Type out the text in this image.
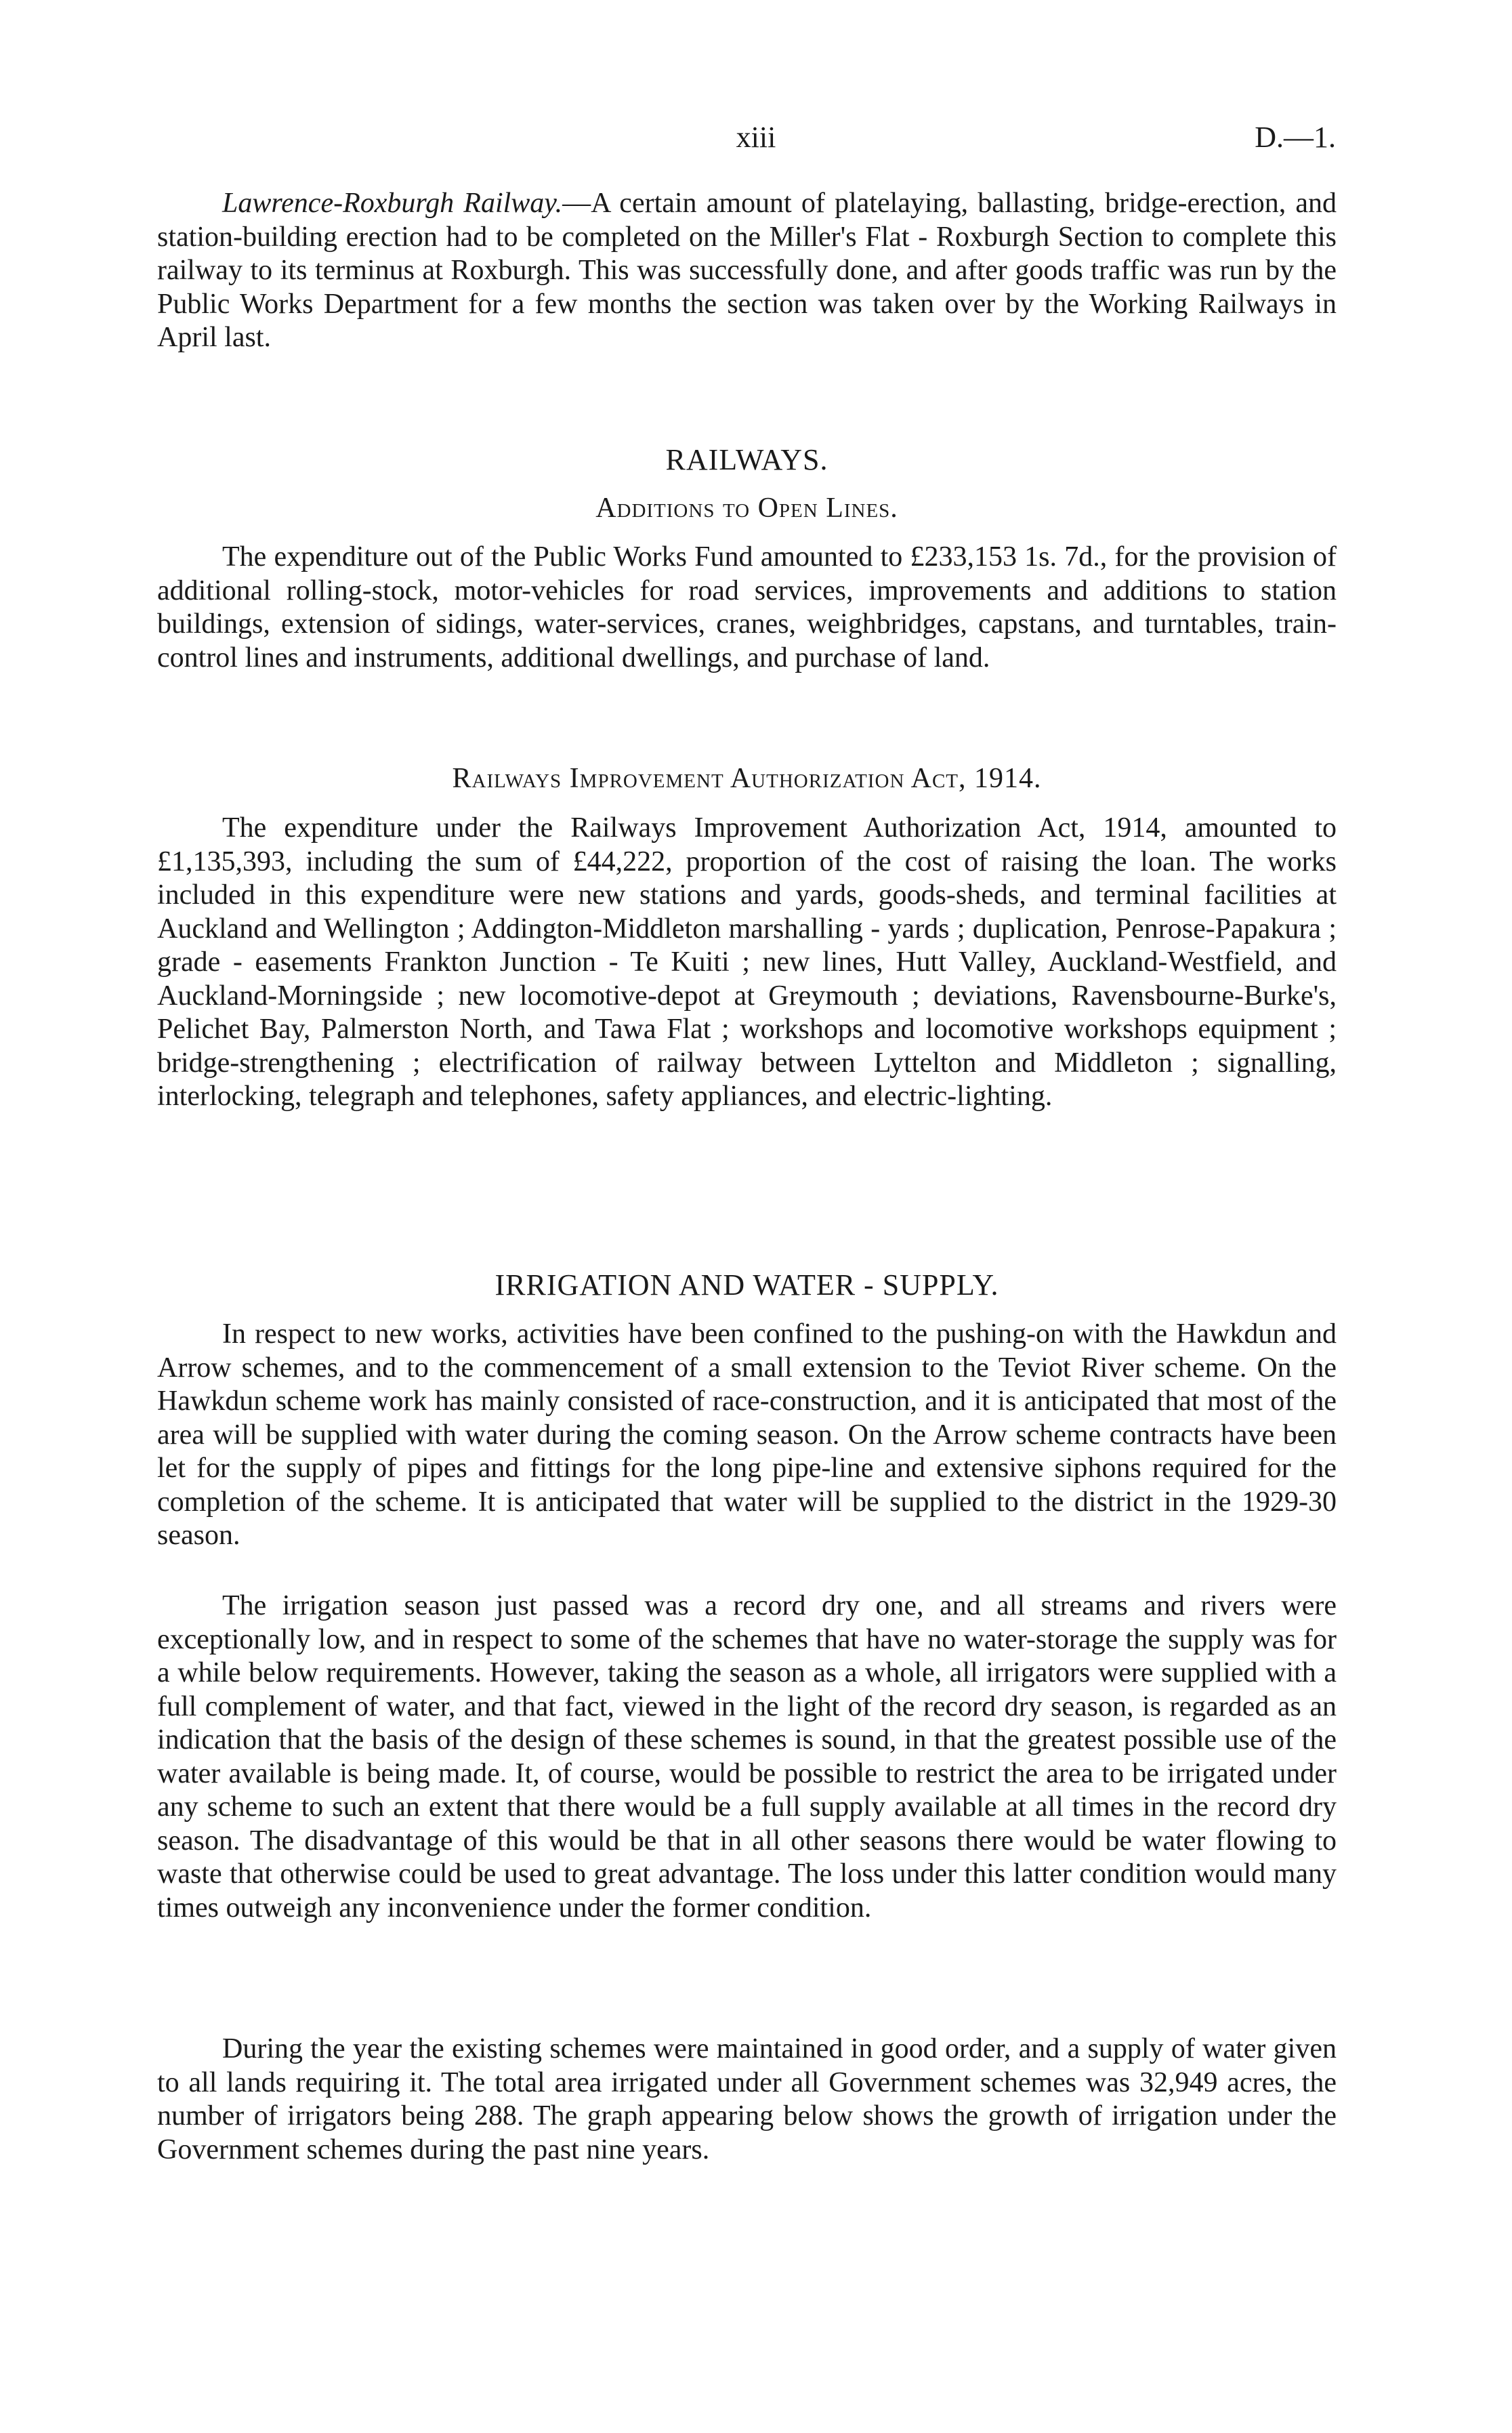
xiii	D.—1.

Lawrence-Roxburgh Railway.—A certain amount of platelaying, ballasting, bridge-erection, and station-building erection had to be completed on the Miller's Flat - Roxburgh Section to complete this railway to its terminus at Roxburgh. This was successfully done, and after goods traffic was run by the Public Works Department for a few months the section was taken over by the Working Railways in April last.

RAILWAYS.
Additions to Open Lines.

The expenditure out of the Public Works Fund amounted to £233,153 1s. 7d., for the provision of additional rolling-stock, motor-vehicles for road services, improvements and additions to station buildings, extension of sidings, water-services, cranes, weighbridges, capstans, and turntables, train-control lines and instruments, additional dwellings, and purchase of land.

Railways Improvement Authorization Act, 1914.

The expenditure under the Railways Improvement Authorization Act, 1914, amounted to £1,135,393, including the sum of £44,222, proportion of the cost of raising the loan. The works included in this expenditure were new stations and yards, goods-sheds, and terminal facilities at Auckland and Wellington ; Addington-Middleton marshalling - yards ; duplication, Penrose-Papakura ; grade - easements Frankton Junction - Te Kuiti ; new lines, Hutt Valley, Auckland-Westfield, and Auckland-Morningside ; new locomotive-depot at Greymouth ; deviations, Ravensbourne-Burke's, Pelichet Bay, Palmerston North, and Tawa Flat ; workshops and locomotive workshops equipment ; bridge-strengthening ; electrification of railway between Lyttelton and Middleton ; signalling, interlocking, telegraph and telephones, safety appliances, and electric-lighting.

IRRIGATION AND WATER - SUPPLY.

In respect to new works, activities have been confined to the pushing-on with the Hawkdun and Arrow schemes, and to the commencement of a small extension to the Teviot River scheme. On the Hawkdun scheme work has mainly consisted of race-construction, and it is anticipated that most of the area will be supplied with water during the coming season. On the Arrow scheme contracts have been let for the supply of pipes and fittings for the long pipe-line and extensive siphons required for the completion of the scheme. It is anticipated that water will be supplied to the district in the 1929-30 season.

The irrigation season just passed was a record dry one, and all streams and rivers were exceptionally low, and in respect to some of the schemes that have no water-storage the supply was for a while below requirements. However, taking the season as a whole, all irrigators were supplied with a full complement of water, and that fact, viewed in the light of the record dry season, is regarded as an indication that the basis of the design of these schemes is sound, in that the greatest possible use of the water available is being made. It, of course, would be possible to restrict the area to be irrigated under any scheme to such an extent that there would be a full supply available at all times in the record dry season. The disadvantage of this would be that in all other seasons there would be water flowing to waste that otherwise could be used to great advantage. The loss under this latter condition would many times outweigh any inconvenience under the former condition.

During the year the existing schemes were maintained in good order, and a supply of water given to all lands requiring it. The total area irrigated under all Government schemes was 32,949 acres, the number of irrigators being 288. The graph appearing below shows the growth of irrigation under the Government schemes during the past nine years.
